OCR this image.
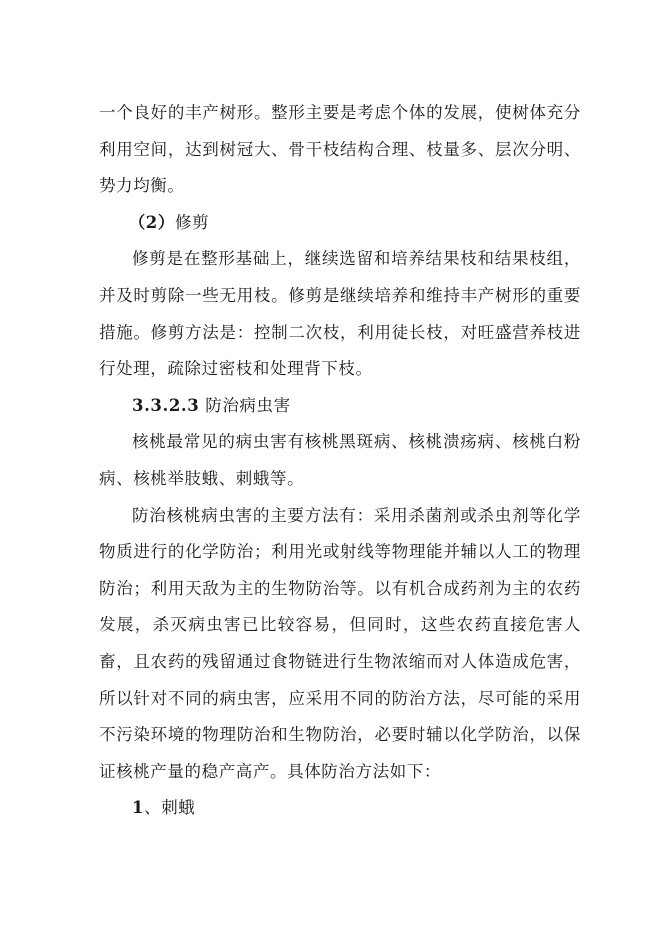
一个良好的丰产树形。整形主要是考虑个体的发展，使树体充分利用空间，达到树冠大、骨干枝结构合理、枝量多、层次分明、势力均衡。

（2）修剪

修剪是在整形基础上，继续选留和培养结果枝和结果枝组，并及时剪除一些无用枝。修剪是继续培养和维持丰产树形的重要措施。修剪方法是：控制二次枝，利用徒长枝，对旺盛营养枝进行处理，疏除过密枝和处理背下枝。

3.3.2.3 防治病虫害

核桃最常见的病虫害有核桃黑斑病、核桃溃疡病、核桃白粉病、核桃举肢蛾、刺蛾等。

防治核桃病虫害的主要方法有：采用杀菌剂或杀虫剂等化学物质进行的化学防治；利用光或射线等物理能并辅以人工的物理防治；利用天敌为主的生物防治等。以有机合成药剂为主的农药发展，杀灭病虫害已比较容易，但同时，这些农药直接危害人畜，且农药的残留通过食物链进行生物浓缩而对人体造成危害，所以针对不同的病虫害，应采用不同的防治方法，尽可能的采用不污染环境的物理防治和生物防治，必要时辅以化学防治，以保证核桃产量的稳产高产。具体防治方法如下：

1、刺蛾
